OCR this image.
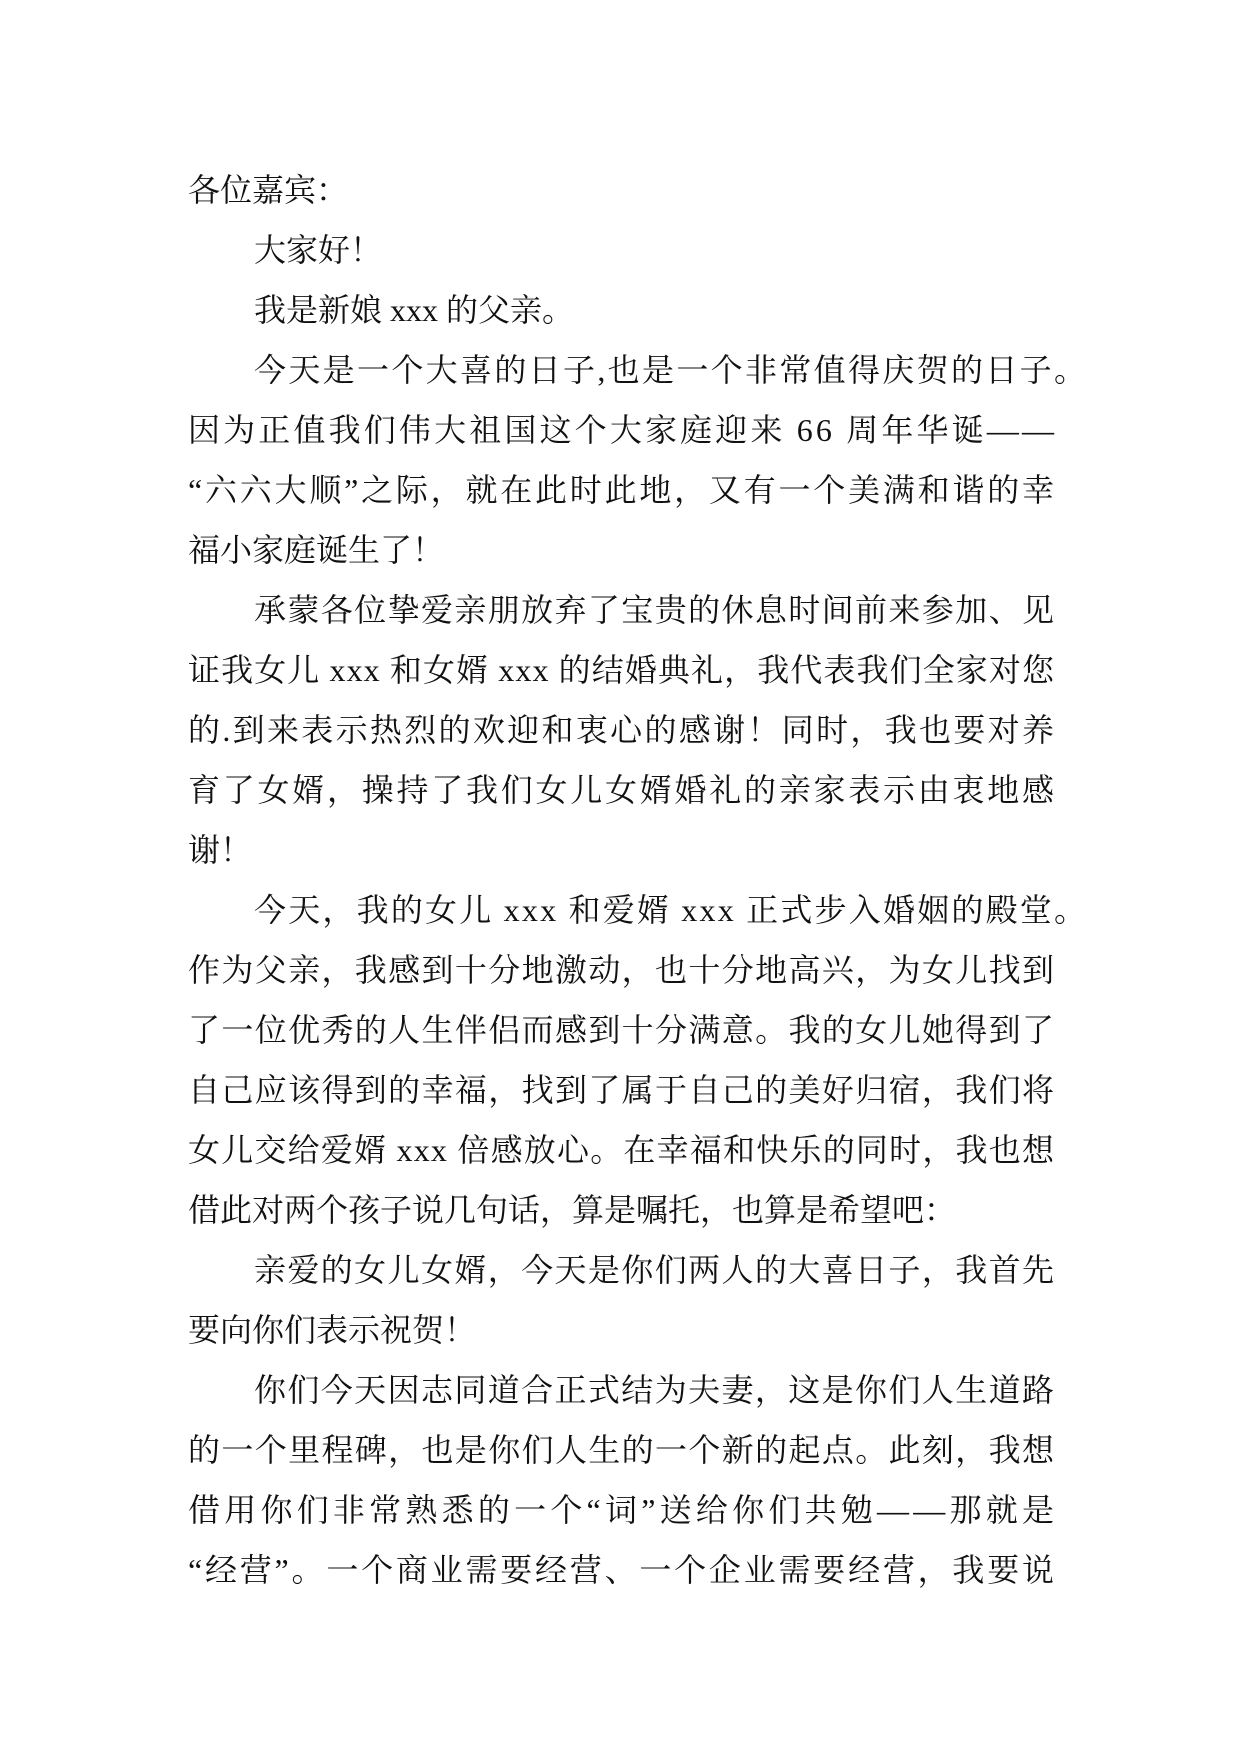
各位嘉宾：
大家好！
我是新娘 xxx 的父亲。
今天是一个大喜的日子,也是一个非常值得庆贺的日子。
因为正值我们伟大祖国这个大家庭迎来 66 周年华诞——
“六六大顺”之际，就在此时此地，又有一个美满和谐的幸
福小家庭诞生了！
承蒙各位挚爱亲朋放弃了宝贵的休息时间前来参加、见
证我女儿 xxx 和女婿 xxx 的结婚典礼，我代表我们全家对您
的.到来表示热烈的欢迎和衷心的感谢！同时，我也要对养
育了女婿，操持了我们女儿女婿婚礼的亲家表示由衷地感
谢！
今天，我的女儿 xxx 和爱婿 xxx 正式步入婚姻的殿堂。
作为父亲，我感到十分地激动，也十分地高兴，为女儿找到
了一位优秀的人生伴侣而感到十分满意。我的女儿她得到了
自己应该得到的幸福，找到了属于自己的美好归宿，我们将
女儿交给爱婿 xxx 倍感放心。在幸福和快乐的同时，我也想
借此对两个孩子说几句话，算是嘱托，也算是希望吧：
亲爱的女儿女婿，今天是你们两人的大喜日子，我首先
要向你们表示祝贺！
你们今天因志同道合正式结为夫妻，这是你们人生道路
的一个里程碑，也是你们人生的一个新的起点。此刻，我想
借用你们非常熟悉的一个“词”送给你们共勉——那就是
“经营”。一个商业需要经营、一个企业需要经营，我要说
